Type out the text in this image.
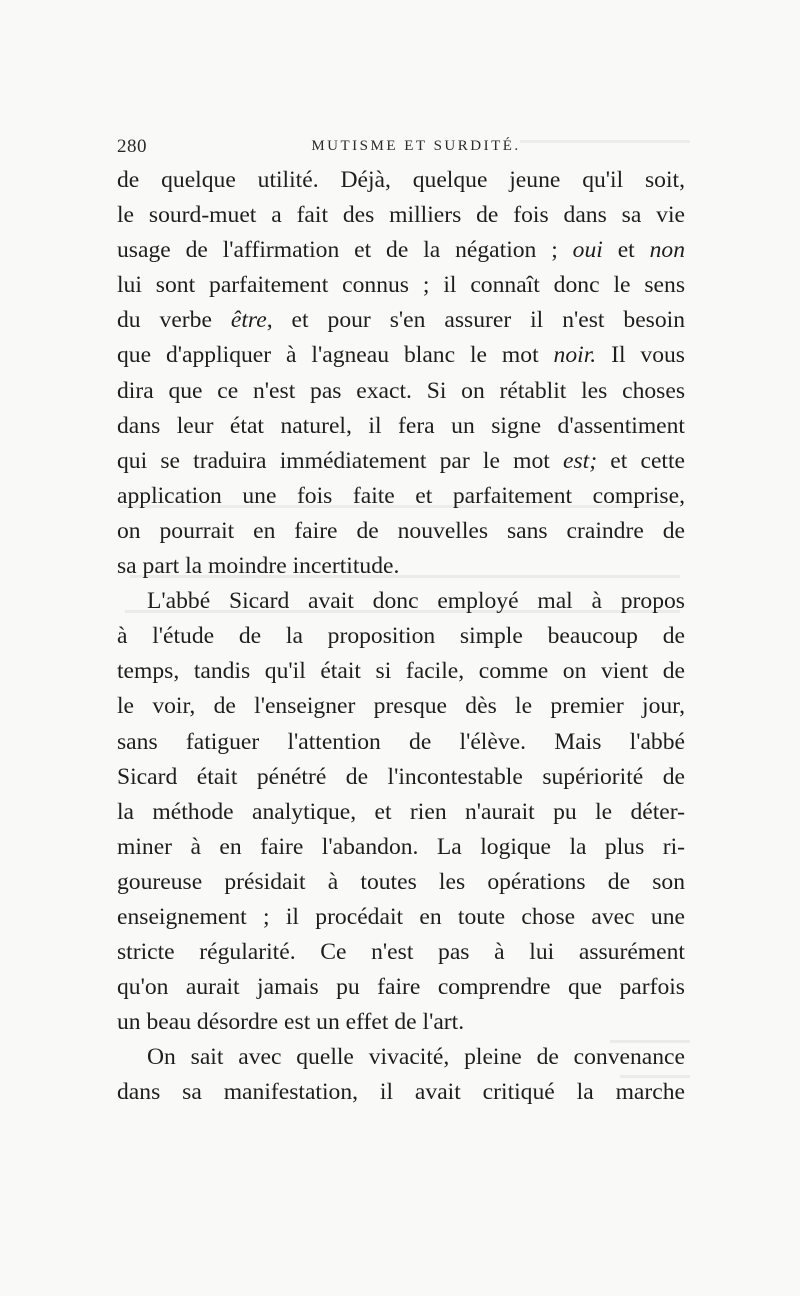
280	MUTISME ET SURDITÉ.

de quelque utilité. Déjà, quelque jeune qu'il soit,
le sourd-muet a fait des milliers de fois dans sa vie
usage de l'affirmation et de la négation ; oui et non
lui sont parfaitement connus ; il connaît donc le sens
du verbe être, et pour s'en assurer il n'est besoin
que d'appliquer à l'agneau blanc le mot noir. Il vous
dira que ce n'est pas exact. Si on rétablit les choses
dans leur état naturel, il fera un signe d'assentiment
qui se traduira immédiatement par le mot est; et cette
application une fois faite et parfaitement comprise,
on pourrait en faire de nouvelles sans craindre de
sa part la moindre incertitude.

L'abbé Sicard avait donc employé mal à propos
à l'étude de la proposition simple beaucoup de
temps, tandis qu'il était si facile, comme on vient de
le voir, de l'enseigner presque dès le premier jour,
sans fatiguer l'attention de l'élève. Mais l'abbé
Sicard était pénétré de l'incontestable supériorité de
la méthode analytique, et rien n'aurait pu le déter-
miner à en faire l'abandon. La logique la plus ri-
goureuse présidait à toutes les opérations de son
enseignement ; il procédait en toute chose avec une
stricte régularité. Ce n'est pas à lui assurément
qu'on aurait jamais pu faire comprendre que parfois
un beau désordre est un effet de l'art.

On sait avec quelle vivacité, pleine de convenance
dans sa manifestation, il avait critiqué la marche
